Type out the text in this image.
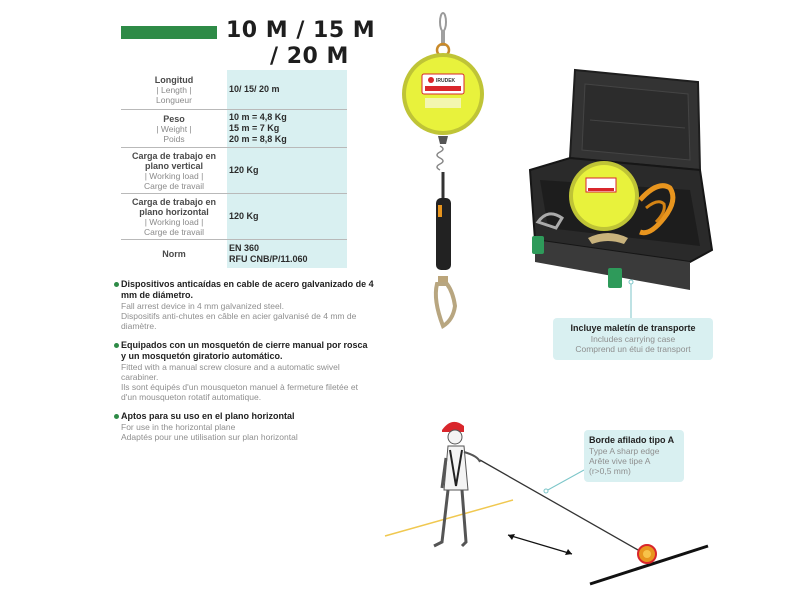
10 M / 15 M
/ 20 M
Longitud
| Length |
Longueur
10/ 15/ 20 m
Peso
| Weight |
Poids
10 m = 4,8 Kg
15 m = 7 Kg
20 m = 8,8 Kg
Carga de trabajo en plano vertical
| Working load |
Carge de travail
120 Kg
Carga de trabajo en plano horizontal
| Working load |
Carge de travail
120 Kg
Norm
EN 360
RFU CNB/P/11.060
Dispositivos anticaídas en cable de acero galvanizado de 4 mm de diámetro.
Fall arrest device in 4 mm galvanized steel.
Dispositifs anti-chutes en câble en acier galvanisé de 4 mm de diamètre.
Equipados con un mosquetón de cierre manual por rosca y un mosquetón giratorio automático.
Fitted with a manual screw closure and a automatic swivel carabiner.
Ils sont équipés d'un mousqueton manuel à fermeture filetée et d'un mousqueton rotatif automatique.
Aptos para su uso en el plano horizontal
For use in the horizontal plane
Adaptés pour une utilisation sur plan horizontal
IRUDEK
Incluye maletín de transporte
Includes carrying case
Comprend un étui de transport
Borde afilado tipo A
Type A sharp edge
Arête vive tipe A
(r>0,5 mm)
